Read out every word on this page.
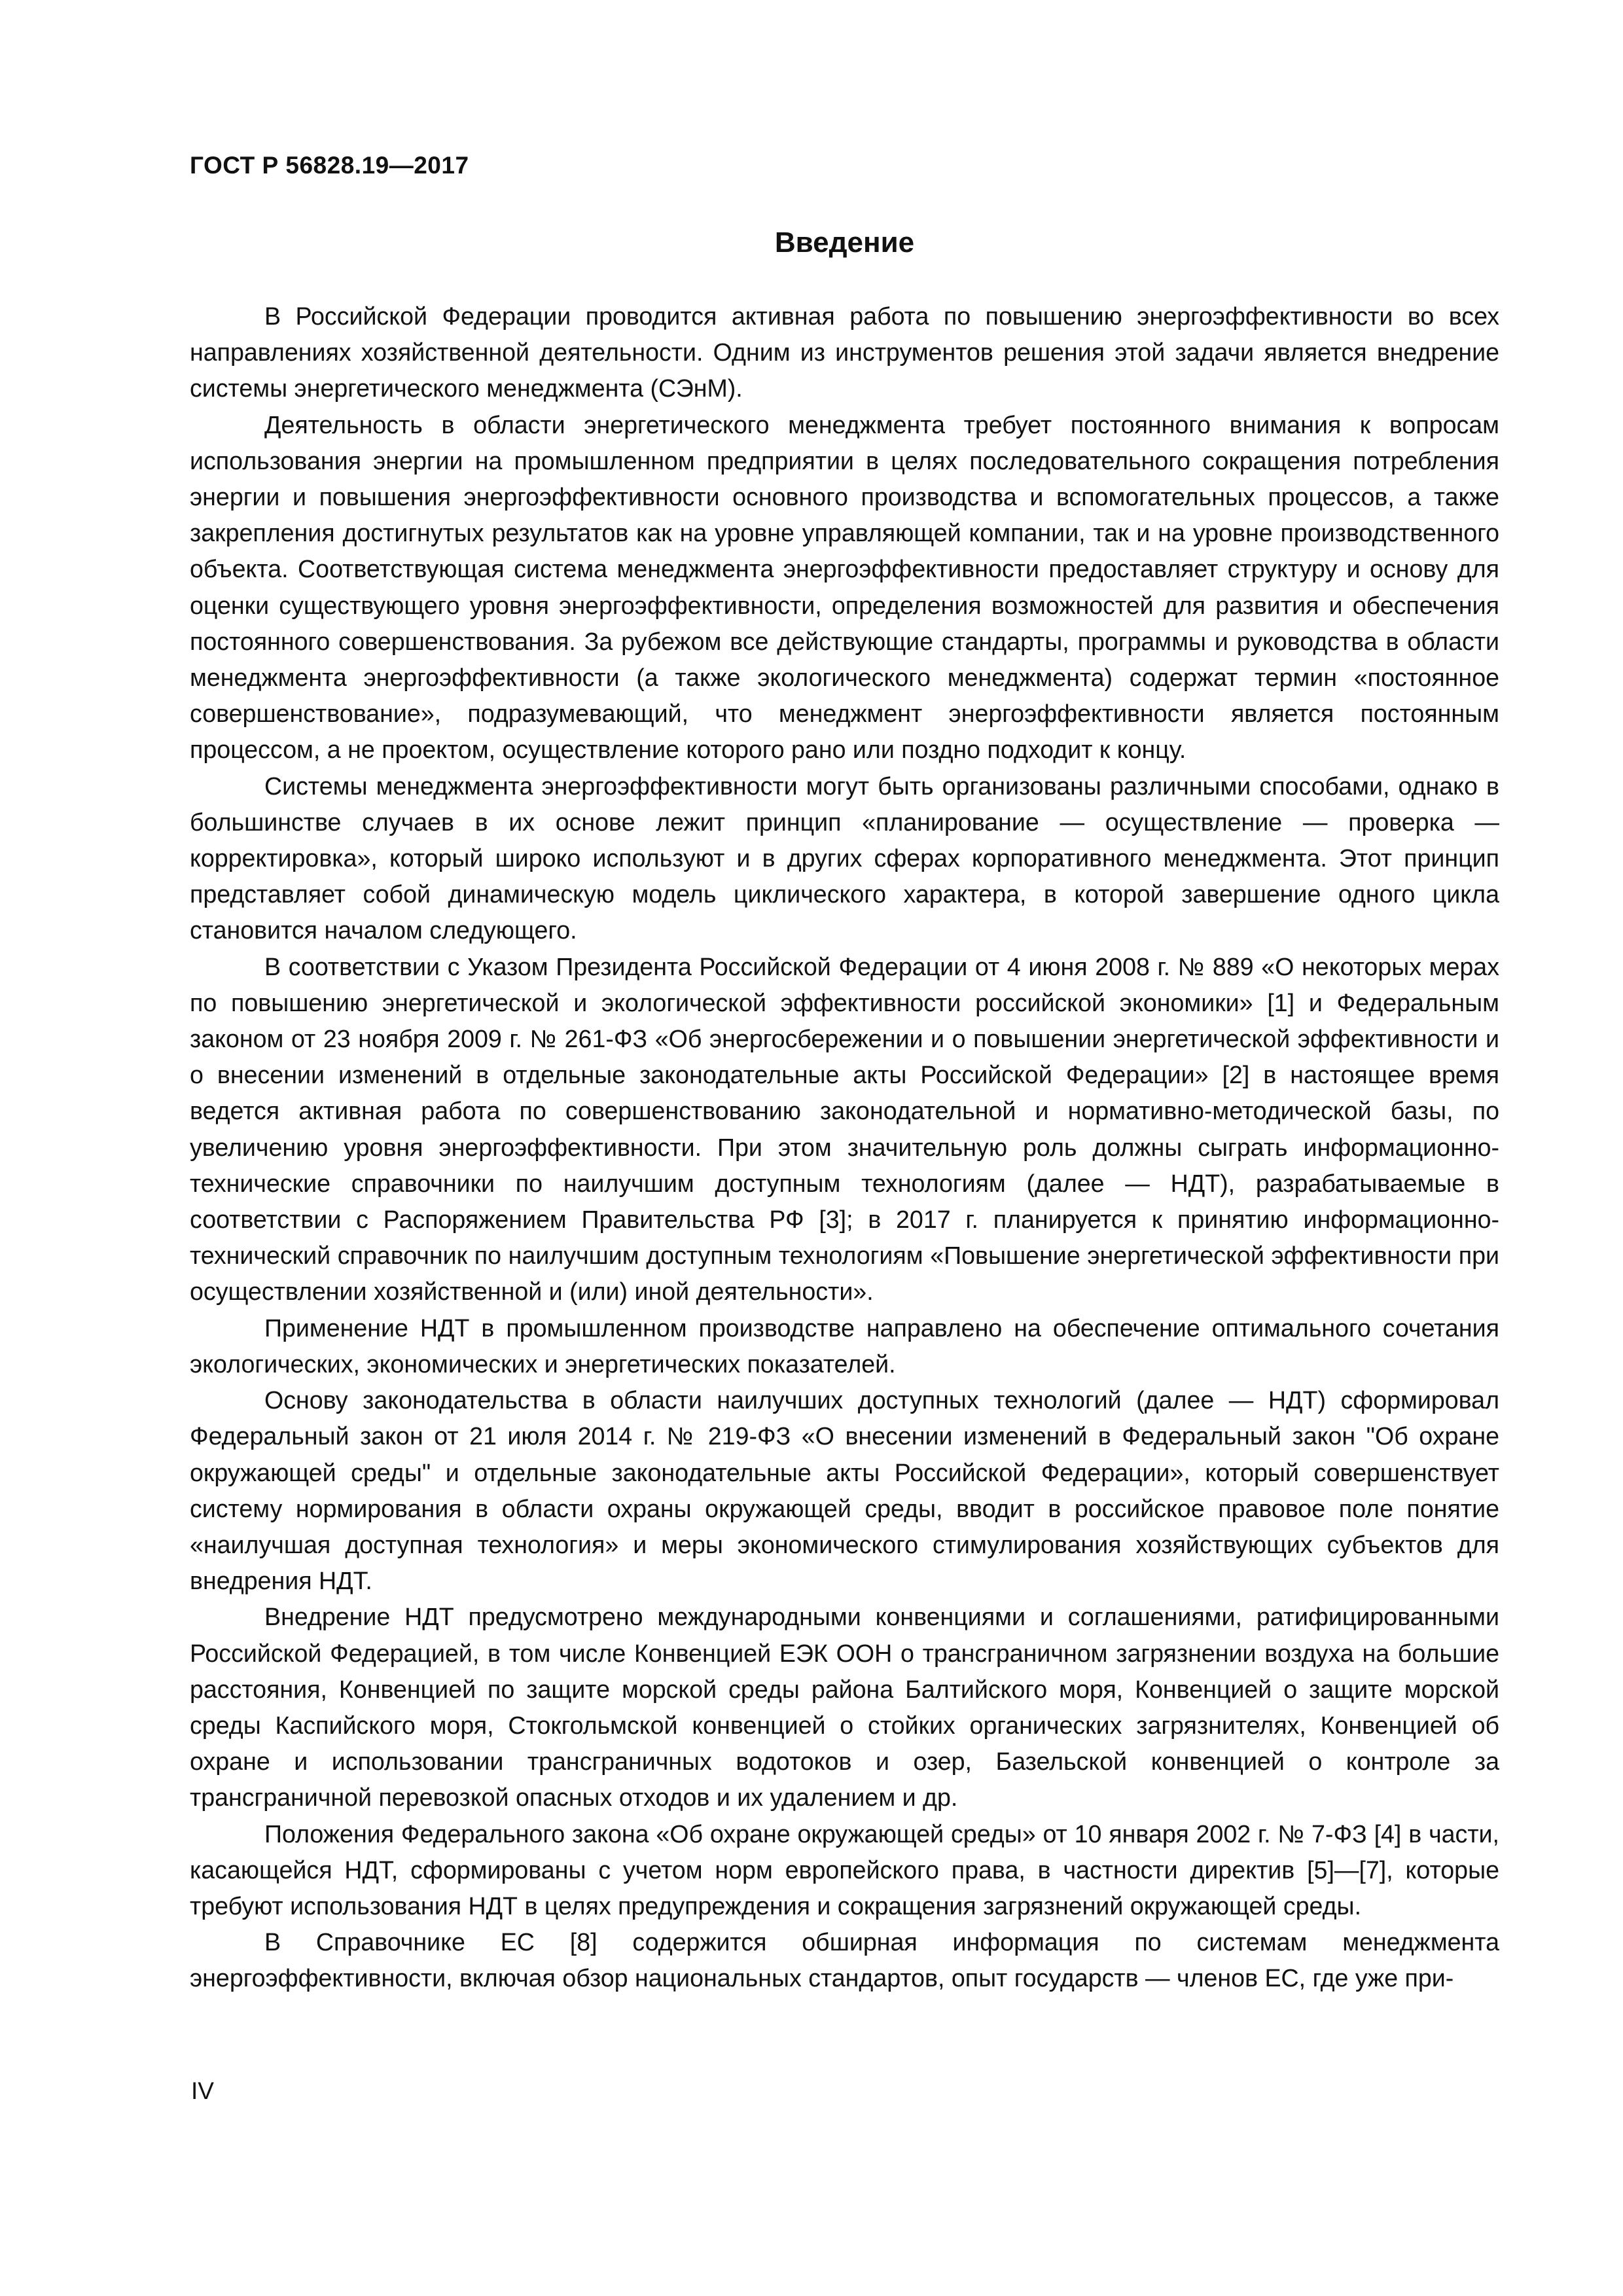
ГОСТ Р 56828.19—2017
Введение

В Российской Федерации проводится активная работа по повышению энергоэффективности во всех направлениях хозяйственной деятельности. Одним из инструментов решения этой задачи является внедрение системы энергетического менеджмента (СЭнМ).

Деятельность в области энергетического менеджмента требует постоянного внимания к вопросам использования энергии на промышленном предприятии в целях последовательного сокращения потребления энергии и повышения энергоэффективности основного производства и вспомогательных процессов, а также закрепления достигнутых результатов как на уровне управляющей компании, так и на уровне производственного объекта. Соответствующая система менеджмента энергоэффективности предоставляет структуру и основу для оценки существующего уровня энергоэффективности, определения возможностей для развития и обеспечения постоянного совершенствования. За рубежом все действующие стандарты, программы и руководства в области менеджмента энергоэффективности (а также экологического менеджмента) содержат термин «постоянное совершенствование», подразумевающий, что менеджмент энергоэффективности является постоянным процессом, а не проектом, осуществление которого рано или поздно подходит к концу.

Системы менеджмента энергоэффективности могут быть организованы различными способами, однако в большинстве случаев в их основе лежит принцип «планирование — осуществление — проверка — корректировка», который широко используют и в других сферах корпоративного менеджмента. Этот принцип представляет собой динамическую модель циклического характера, в которой завершение одного цикла становится началом следующего.

В соответствии с Указом Президента Российской Федерации от 4 июня 2008 г. № 889 «О некоторых мерах по повышению энергетической и экологической эффективности российской экономики» [1] и Федеральным законом от 23 ноября 2009 г. № 261-ФЗ «Об энергосбережении и о повышении энергетической эффективности и о внесении изменений в отдельные законодательные акты Российской Федерации» [2] в настоящее время ведется активная работа по совершенствованию законодательной и нормативно-методической базы, по увеличению уровня энергоэффективности. При этом значительную роль должны сыграть информационно-технические справочники по наилучшим доступным технологиям (далее — НДТ), разрабатываемые в соответствии с Распоряжением Правительства РФ [3]; в 2017 г. планируется к принятию информационно-технический справочник по наилучшим доступным технологиям «Повышение энергетической эффективности при осуществлении хозяйственной и (или) иной деятельности».

Применение НДТ в промышленном производстве направлено на обеспечение оптимального сочетания экологических, экономических и энергетических показателей.

Основу законодательства в области наилучших доступных технологий (далее — НДТ) сформировал Федеральный закон от 21 июля 2014 г. № 219-ФЗ «О внесении изменений в Федеральный закон "Об охране окружающей среды" и отдельные законодательные акты Российской Федерации», который совершенствует систему нормирования в области охраны окружающей среды, вводит в российское правовое поле понятие «наилучшая доступная технология» и меры экономического стимулирования хозяйствующих субъектов для внедрения НДТ.

Внедрение НДТ предусмотрено международными конвенциями и соглашениями, ратифицированными Российской Федерацией, в том числе Конвенцией ЕЭК ООН о трансграничном загрязнении воздуха на большие расстояния, Конвенцией по защите морской среды района Балтийского моря, Конвенцией о защите морской среды Каспийского моря, Стокгольмской конвенцией о стойких органических загрязнителях, Конвенцией об охране и использовании трансграничных водотоков и озер, Базельской конвенцией о контроле за трансграничной перевозкой опасных отходов и их удалением и др.

Положения Федерального закона «Об охране окружающей среды» от 10 января 2002 г. № 7-ФЗ [4] в части, касающейся НДТ, сформированы с учетом норм европейского права, в частности директив [5]—[7], которые требуют использования НДТ в целях предупреждения и сокращения загрязнений окружающей среды.

В Справочнике ЕС [8] содержится обширная информация по системам менеджмента энергоэффективности, включая обзор национальных стандартов, опыт государств — членов ЕС, где уже при-

IV
